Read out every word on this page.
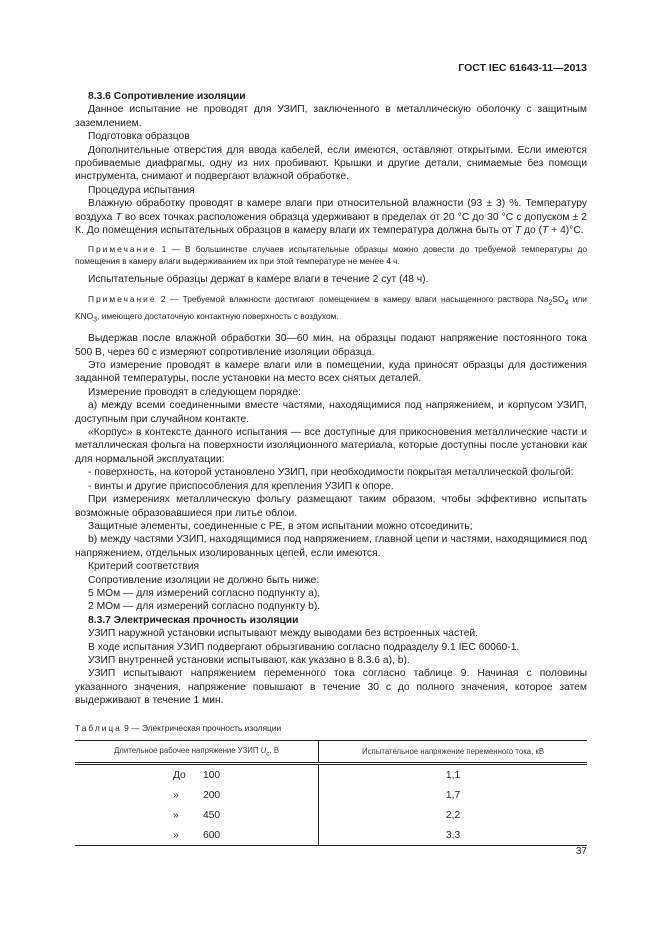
ГОСТ IEC 61643-11—2013

8.3.6 Сопротивление изоляции

Данное испытание не проводят для УЗИП, заключенного в металлическую оболочку с защитным заземлением.

Подготовка образцов

Дополнительные отверстия для ввода кабелей, если имеются, оставляют открытыми. Если имеются пробиваемые диафрагмы, одну из них пробивают. Крышки и другие детали, снимаемые без помощи инструмента, снимают и подвергают влажной обработке.

Процедура испытания

Влажную обработку проводят в камере влаги при относительной влажности (93 ± 3) %. Температуру воздуха T во всех точках расположения образца удерживают в пределах от 20 °С до 30 °С с допуском ± 2 К. До помещения испытательных образцов в камеру влаги их температура должна быть от T до (T + 4)°С.

Примечание 1 — В большинстве случаев испытательные образцы можно довести до требуемой температуры до помещения в камеру влаги выдерживанием их при этой температуре не менее 4 ч.

Испытательные образцы держат в камере влаги в течение 2 сут (48 ч).

Примечание 2 — Требуемой влажности достигают помещением в камеру влаги насыщенного раствора $Na_2SO_4$ или $KNO_3$, имеющего достаточную контактную поверхность с воздухом.

Выдержав после влажной обработки 30—60 мин, на образцы подают напряжение постоянного тока 500 В, через 60 с измеряют сопротивление изоляции образца.

Это измерение проводят в камере влаги или в помещении, куда приносят образцы для достижения заданной температуры, после установки на место всех снятых деталей.

Измерение проводят в следующем порядке:

a) между всеми соединенными вместе частями, находящимися под напряжением, и корпусом УЗИП, доступным при случайном контакте.

«Корпус» в контексте данного испытания — все доступные для прикосновения металлические части и металлическая фольга на поверхности изоляционного материала, которые доступны после установки как для нормальной эксплуатации:

- поверхность, на которой установлено УЗИП, при необходимости покрытая металлической фольгой:

- винты и другие приспособления для крепления УЗИП к опоре.

При измерениях металлическую фольгу размещают таким образом, чтобы эффективно испытать возможные образовавшиеся при литье облои.

Защитные элементы, соединенные с РЕ, в этом испытании можно отсоединить;

b) между частями УЗИП, находящимися под напряжением, главной цепи и частями, находящимися под напряжением, отдельных изолированных цепей, если имеются.

Критерий соответствия

Сопротивление изоляции не должно быть ниже:

5 МОм — для измерений согласно подпункту a),

2 МОм — для измерений согласно подпункту b).

8.3.7 Электрическая прочность изоляции

УЗИП наружной установки испытывают между выводами без встроенных частей.

В ходе испытания УЗИП подвергают обрызгиванию согласно подразделу 9.1 IEC 60060-1.

УЗИП внутренней установки испытывают, как указано в 8.3.6 a), b).

УЗИП испытывают напряжением переменного тока согласно таблице 9. Начиная с половины указанного значения, напряжение повышают в течение 30 с до полного значения, которое затем выдерживают в течение 1 мин.

Таблица 9 — Электрическая прочность изоляции
Длительное рабочее напряжение УЗИП $U_c$, В	Испытательное напряжение переменного тока, кВ
До 100	1,1
» 200	1,7
» 450	2,2
» 600	3,3
37
